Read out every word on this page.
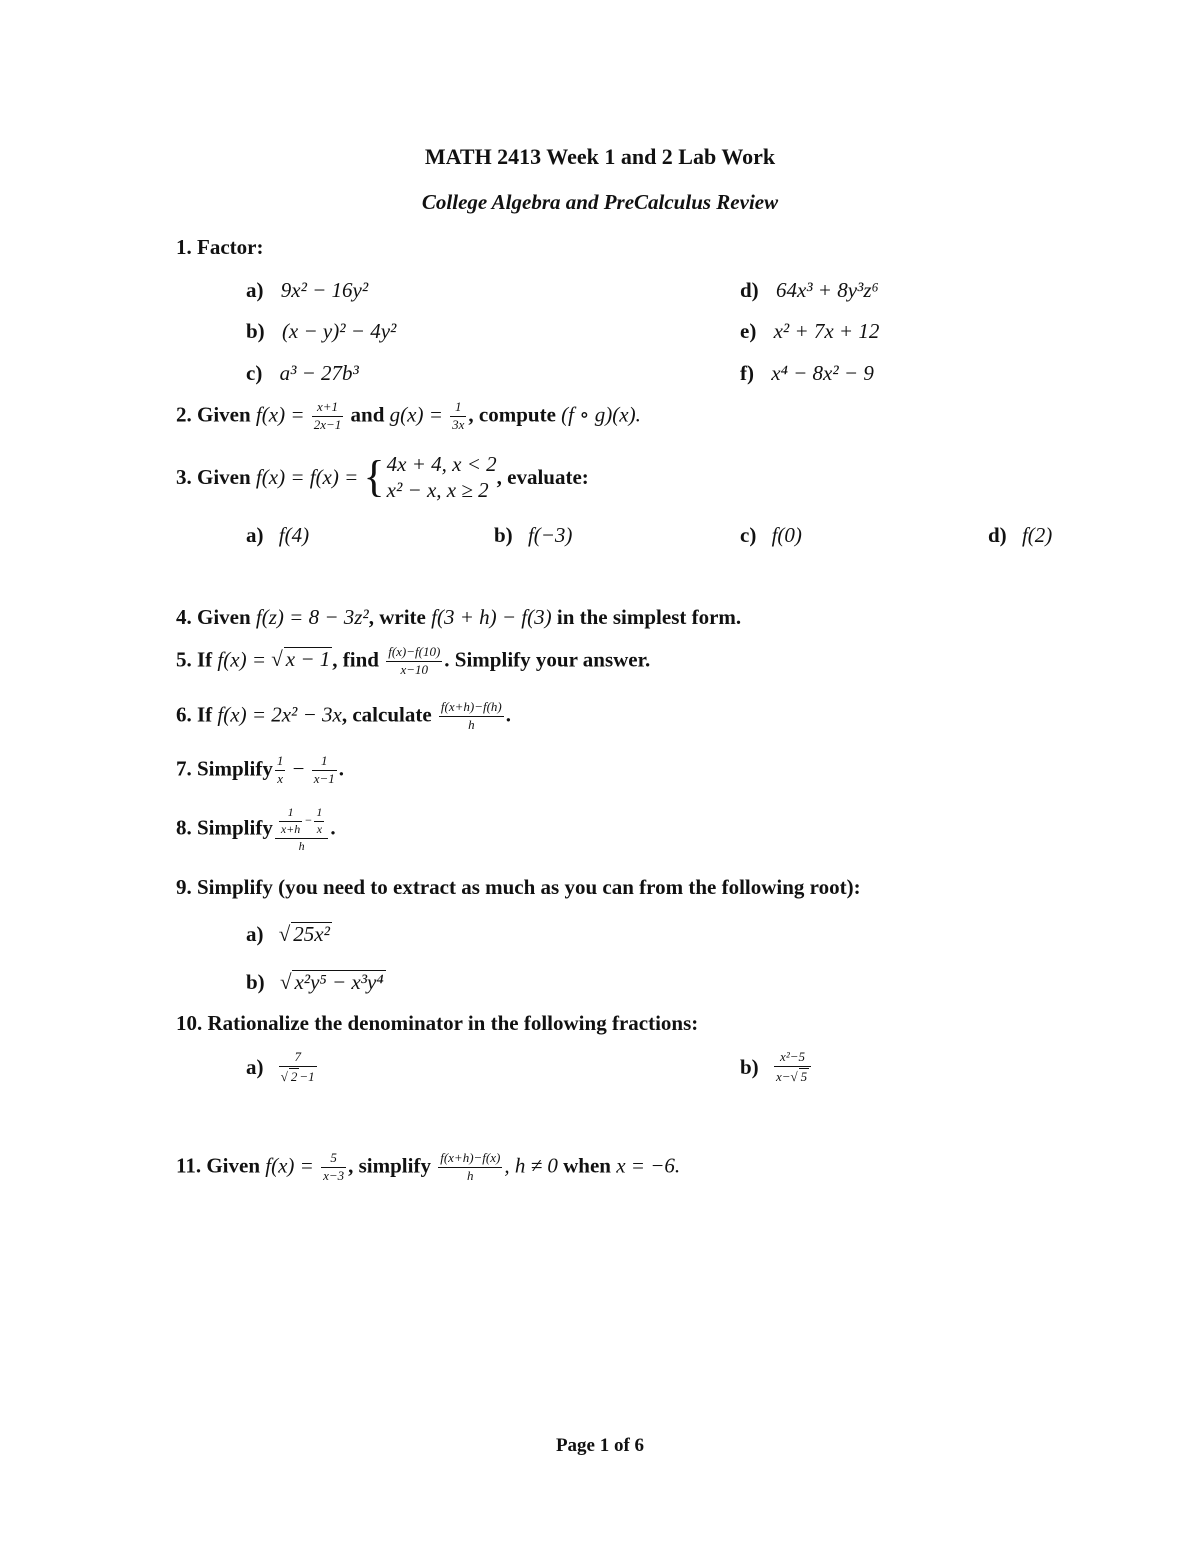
MATH 2413 Week 1 and 2 Lab Work
College Algebra and PreCalculus Review
1. Factor:
a) 9x² − 16y²
b) (x − y)² − 4y²
c) a³ − 27b³
d) 64x³ + 8y³z⁶
e) x² + 7x + 12
f) x⁴ − 8x² − 9
2. Given $f(x) = \frac{x+1}{2x-1}$ and $g(x) = \frac{1}{3x}$ , compute (f ∘ g)(x).
3. Given f(x) = f(x) = { 4x + 4, x < 2
x² − x, x ≥ 2
, evaluate:
a) f(4)	b) f(−3)	c) f(0)	d) f(2)
4. Given f(z) = 8 − 3z², write f(3 + h) − f(3) in the simplest form.
5. If f(x) = √ x − 1, find $\frac{f(x)-f(10)}{x-10}$ . Simplify your answer.
6. If f(x) = 2x² − 3x, calculate $\frac{f(x+h)-f(h)}{h}$ .
7. Simplify $\frac{1}{x} - \frac{1}{x-1}$ .
8. Simplify $\frac{\frac{1}{x+h} - \frac{1}{x}}{h}$ .
9. Simplify (you need to extract as much as you can from the following root):
a) √ 25x²
b) √ x²y⁵ − x³y⁴
10. Rationalize the denominator in the following fractions:
$a) \frac{7}{√ 2 -1}$	$b) \frac{\text{x²−5}}{x-√ 5}$
11. Given $f(x) = \frac{5}{x-3}$ , simplify $\frac{f(x+h)-f(x)}{h}$ , h ≠ 0 when x = −6.
Page 1 of 6
